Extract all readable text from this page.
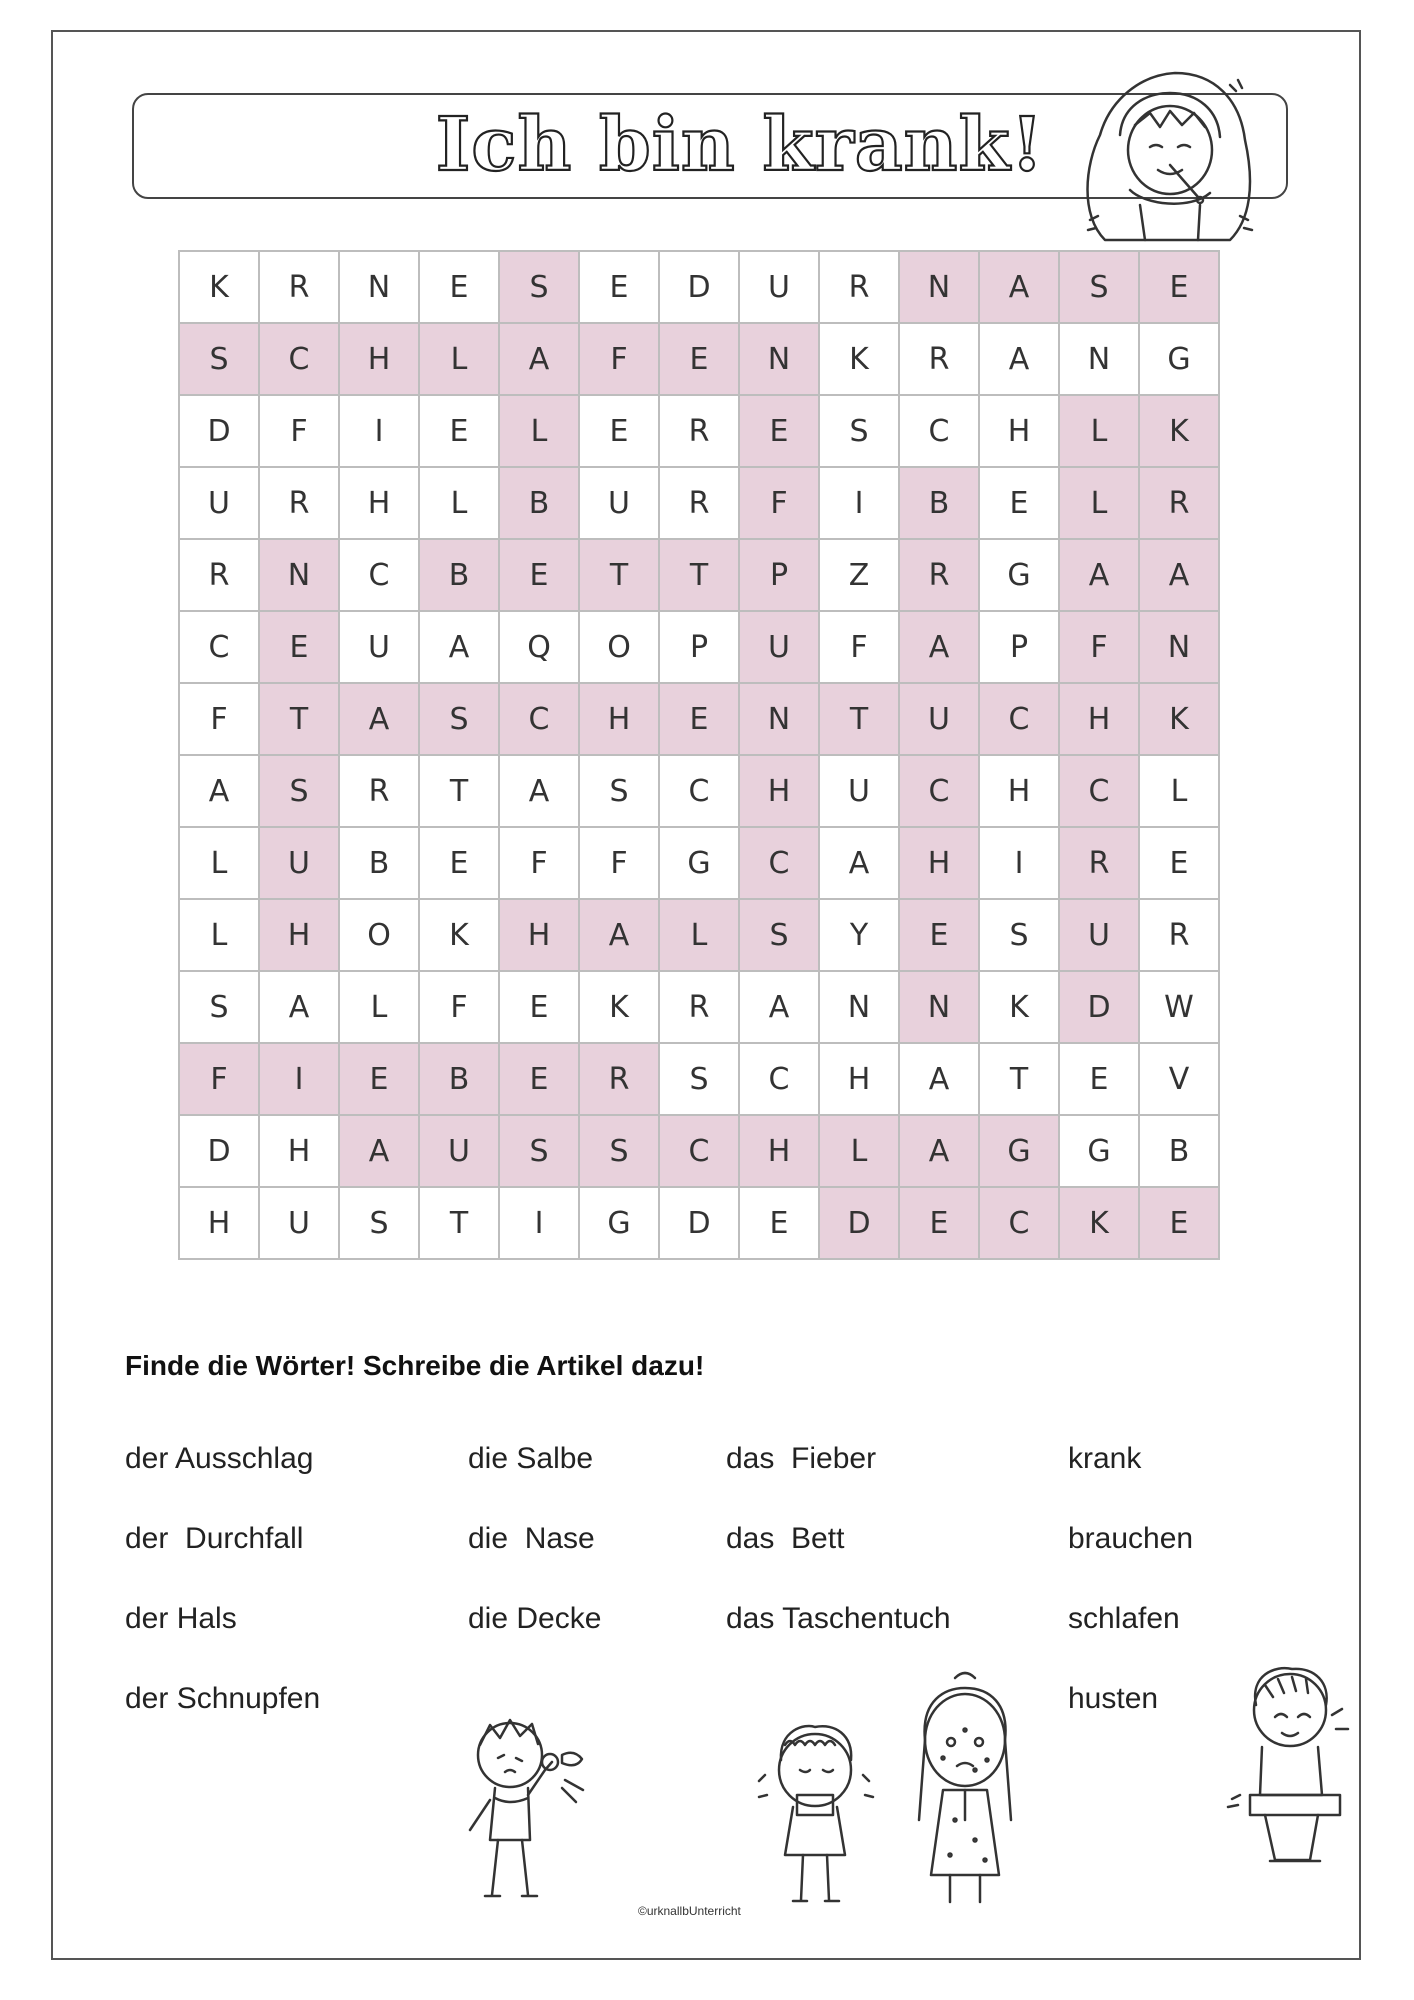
Ich bin krank!
K	R	N	E	S	E	D	U	R	N	A	S	E
S	C	H	L	A	F	E	N	K	R	A	N	G
D	F	I	E	L	E	R	E	S	C	H	L	K
U	R	H	L	B	U	R	F	I	B	E	L	R
R	N	C	B	E	T	T	P	Z	R	G	A	A
C	E	U	A	Q	O	P	U	F	A	P	F	N
F	T	A	S	C	H	E	N	T	U	C	H	K
A	S	R	T	A	S	C	H	U	C	H	C	L
L	U	B	E	F	F	G	C	A	H	I	R	E
L	H	O	K	H	A	L	S	Y	E	S	U	R
S	A	L	F	E	K	R	A	N	N	K	D	W
F	I	E	B	E	R	S	C	H	A	T	E	V
D	H	A	U	S	S	C	H	L	A	G	G	B
H	U	S	T	I	G	D	E	D	E	C	K	E
Finde die Wörter! Schreibe die Artikel dazu!
der Ausschlag
der  Durchfall
der Hals
der Schnupfen
die Salbe
die  Nase
die Decke
das  Fieber
das  Bett
das Taschentuch
krank
brauchen
schlafen
husten
©urknallbUnterricht
